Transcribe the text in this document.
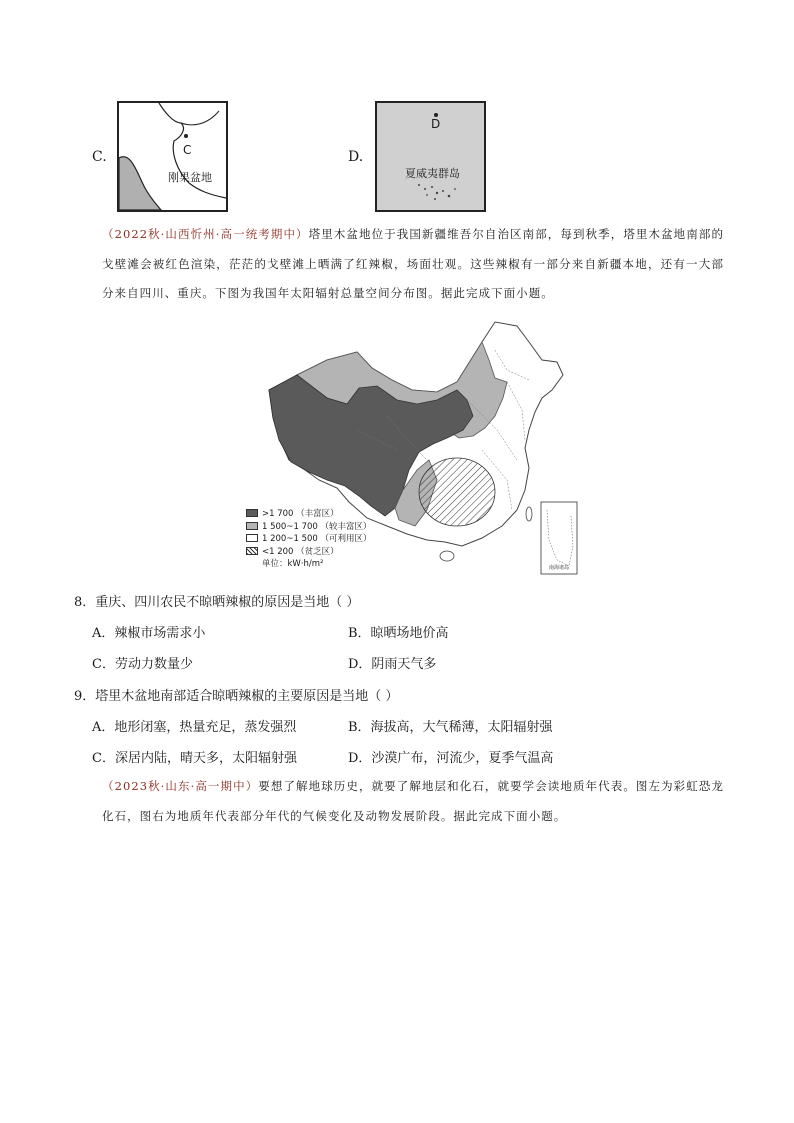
C.	C
刚果盆地
D.
D
夏威夷群岛
（2022秋·山西忻州·高一统考期中）塔里木盆地位于我国新疆维吾尔自治区南部，每到秋季，塔里木盆地南部的戈壁滩会被红色渲染，茫茫的戈壁滩上晒满了红辣椒，场面壮观。这些辣椒有一部分来自新疆本地，还有一大部分来自四川、重庆。下图为我国年太阳辐射总量空间分布图。据此完成下面小题。
南海诸岛
>1 700 （丰富区）
1 500~1 700 （较丰富区）
1 200~1 500 （可利用区）
<1 200 （贫乏区）
单位：kW·h/m²
8．重庆、四川农民不晾晒辣椒的原因是当地（ ）
A．辣椒市场需求小	B．晾晒场地价高
C．劳动力数量少	D．阴雨天气多
9．塔里木盆地南部适合晾晒辣椒的主要原因是当地（ ）
A．地形闭塞，热量充足，蒸发强烈	B．海拔高，大气稀薄，太阳辐射强
C．深居内陆，晴天多，太阳辐射强	D．沙漠广布，河流少，夏季气温高
（2023秋·山东·高一期中）要想了解地球历史，就要了解地层和化石，就要学会读地质年代表。图左为彩虹恐龙化石，图右为地质年代表部分年代的气候变化及动物发展阶段。据此完成下面小题。
